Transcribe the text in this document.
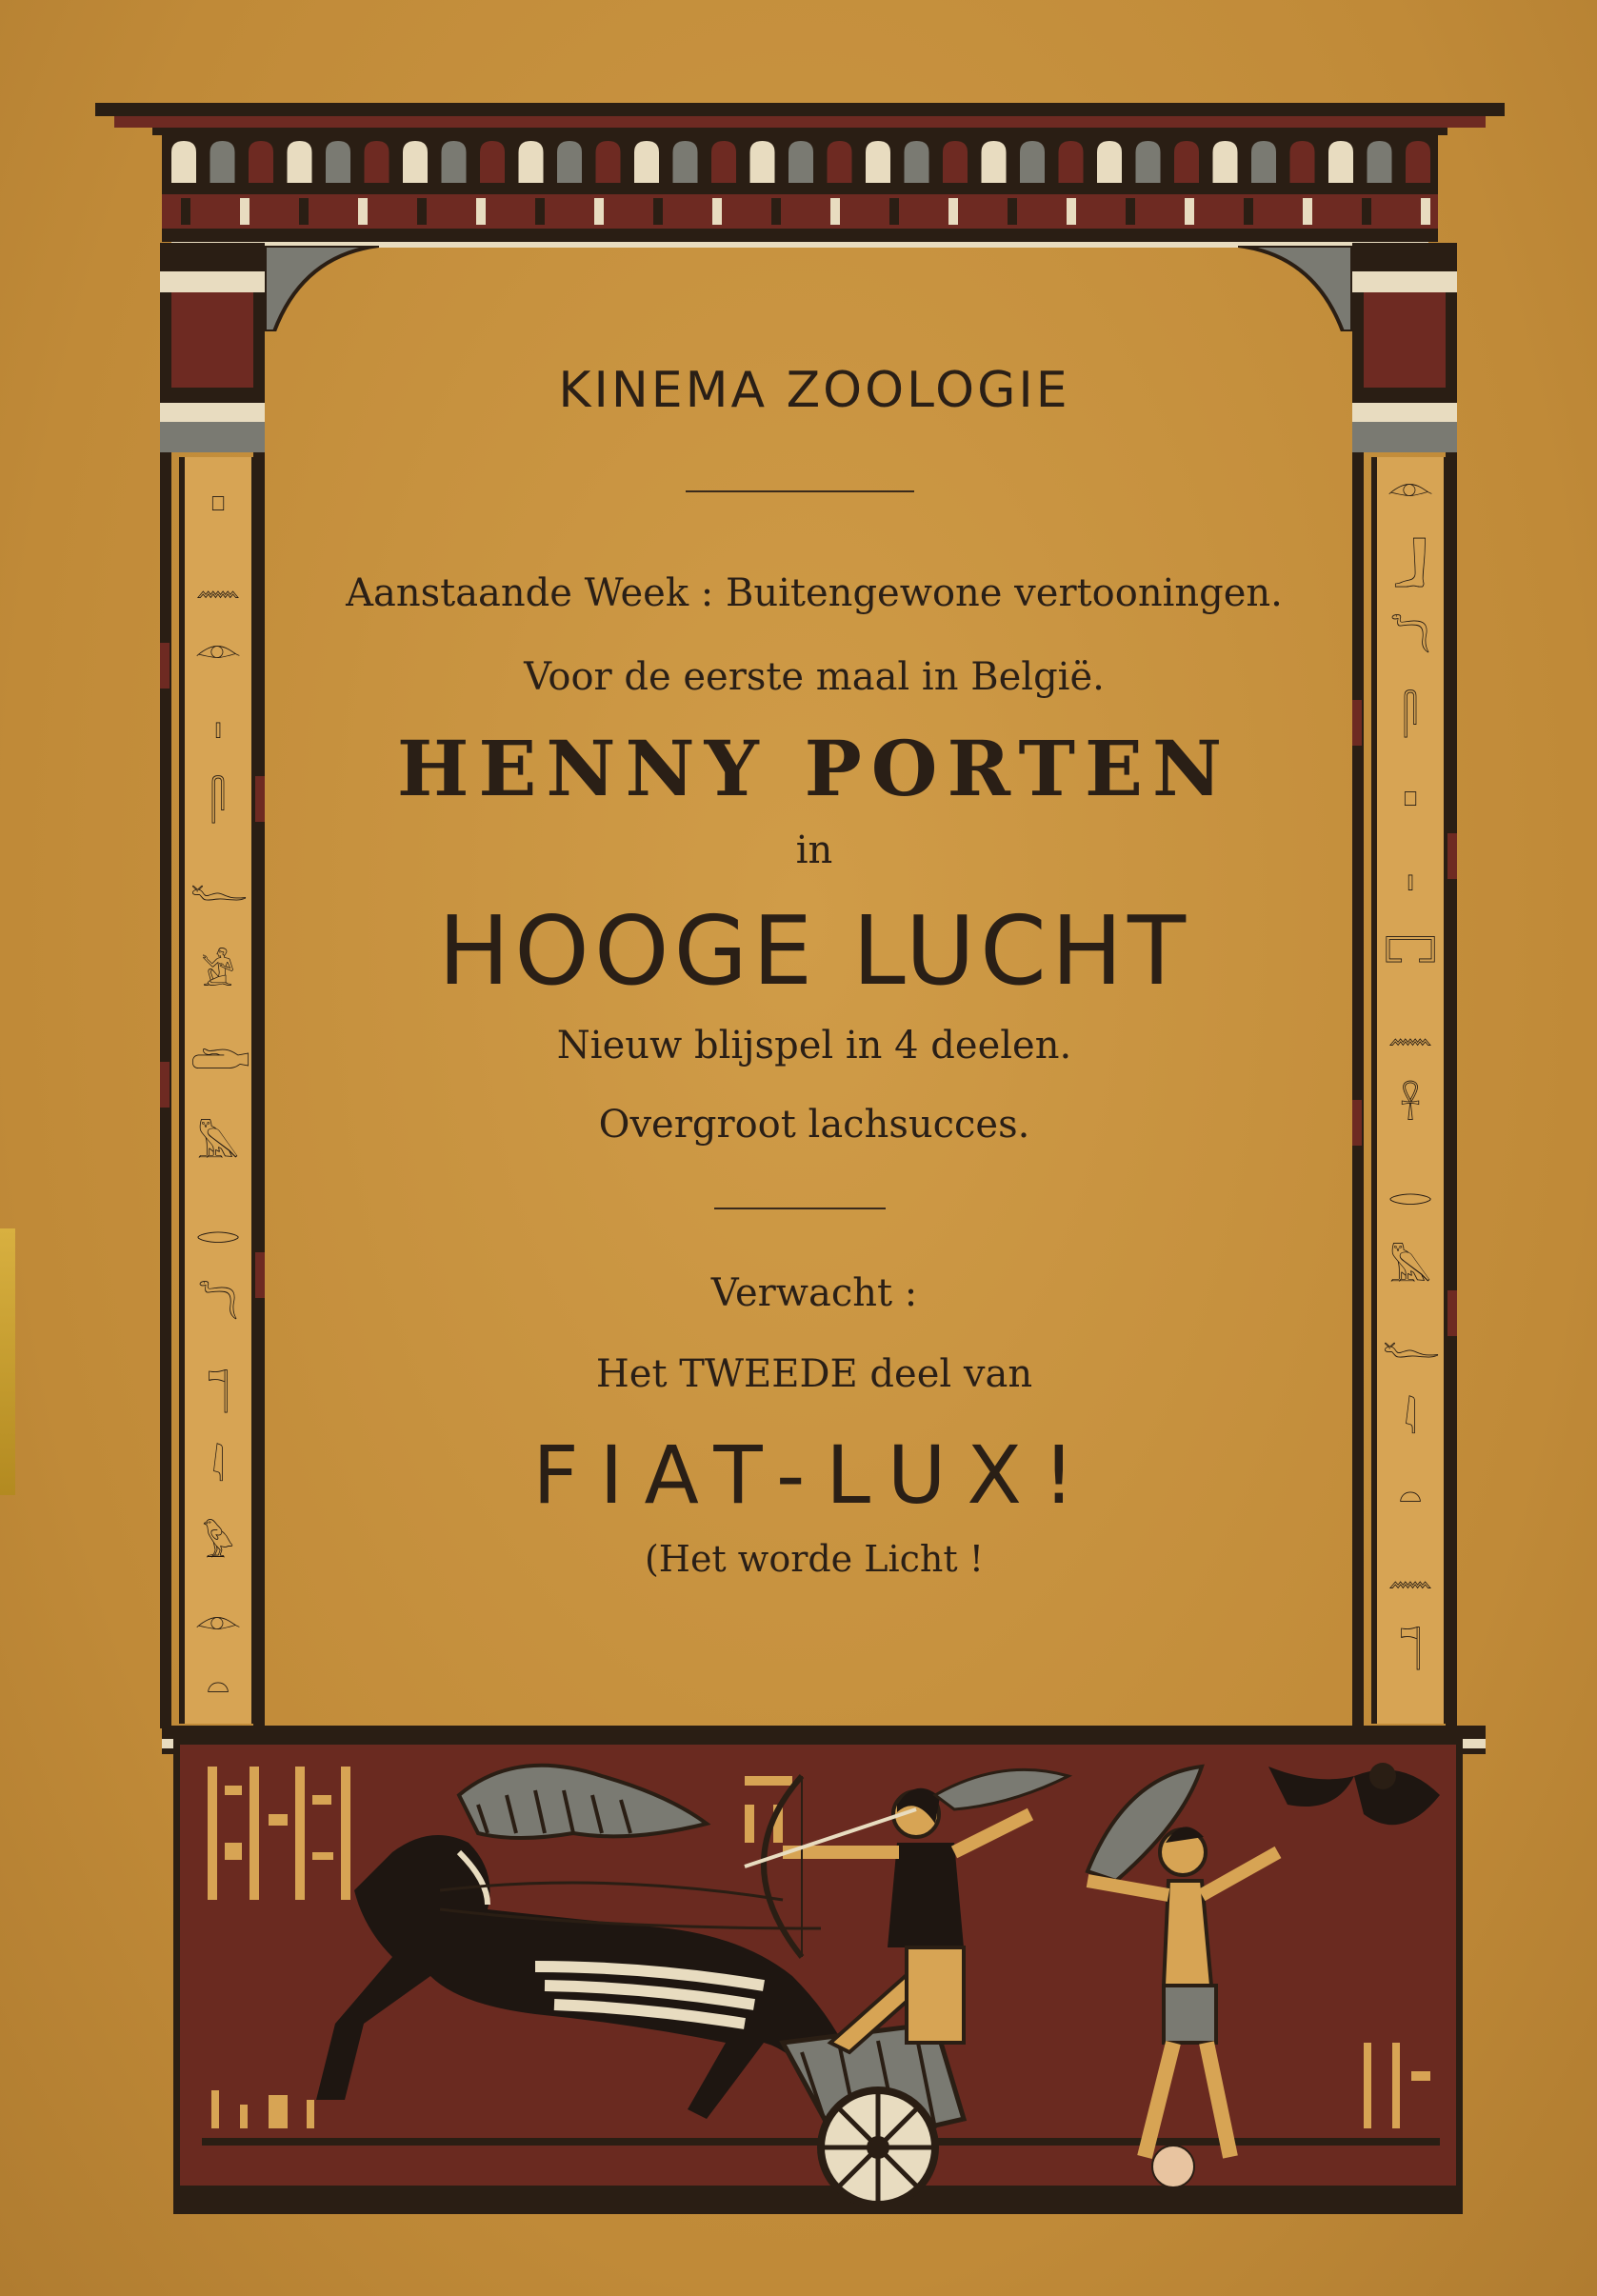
𓊪
𓈖
𓁹
𓏤
𓋴
𓆑
𓀀
𓂧
𓅓
𓂋
𓆓
𓊹
𓇋
𓅱
𓁹
𓏏
𓁹
𓃀
𓆓
𓋴
𓊪
𓏤
𓉐
𓈖
𓋹
𓂋
𓅓
𓆑
𓇋
𓏏
𓈖
𓊹
KINEMA ZOOLOGIE
Aanstaande Week : Buitengewone vertooningen.
Voor de eerste maal in België.
HENNY PORTEN
in
HOOGE LUCHT
Nieuw blijspel in 4 deelen.
Overgroot lachsucces.
Verwacht :
Het TWEEDE deel van
FIAT-LUX!
(Het worde Licht !
